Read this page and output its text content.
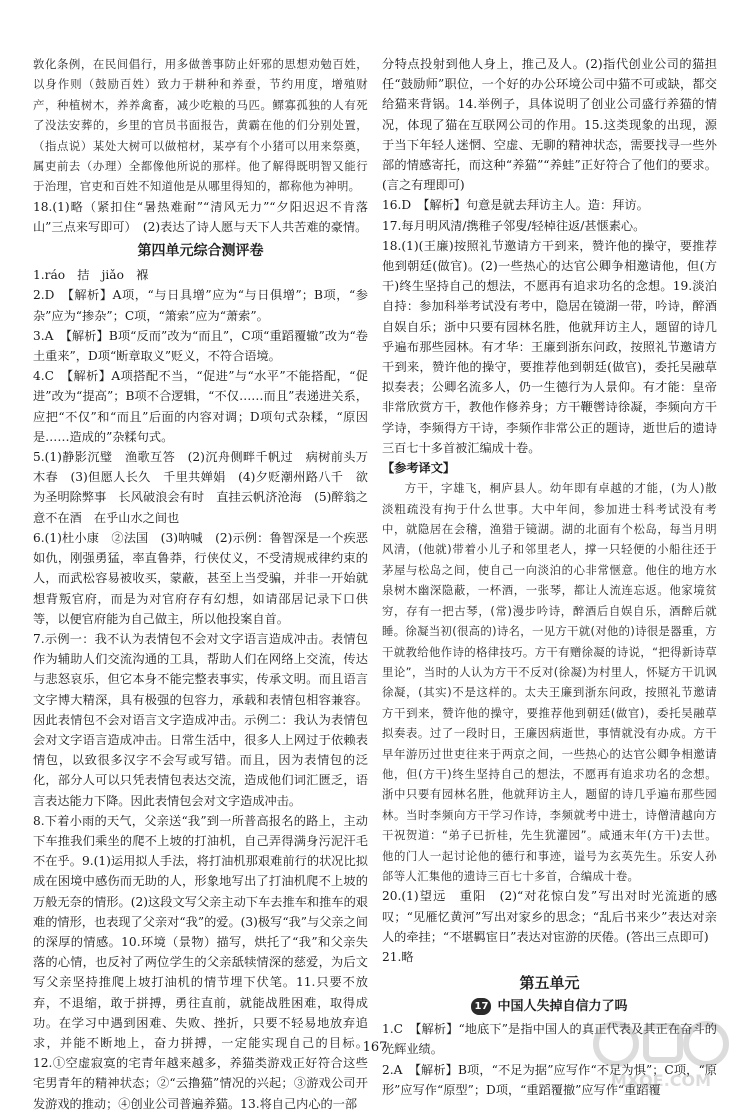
敦化条例，在民间倡行，用多做善事防止奸邪的思想劝勉百姓，以身作则（鼓励百姓）致力于耕种和养蚕，节约用度，增殖财产，种植树木，养养禽畜，减少吃粮的马匹。鳏寡孤独的人有死了没法安葬的，乡里的官员书面报告，黄霸在他的们分别处置，（指点说）某处大树可以做棺材，某亭有个小猪可以用来祭奠，属吏前去（办理）全都像他所说的那样。他了解得既明智又能行于治理，官吏和百姓不知道他是从哪里得知的，都称他为神明。

18.(1)略（紧扣住“暑热难耐”“清风无力”“夕阳迟迟不肯落山”三点来写即可）　(2)表达了诗人愿与天下人共苦难的豪情。

第四单元综合测评卷

1.ráo　拮　jiǎo　褓

2.D　【解析】A项，“与日具增”应为“与日俱增”；B项，“参杂”应为“掺杂”；C项，“箫索”应为“萧索”。

3.A　【解析】B项“反而”改为“而且”，C项“重蹈覆辙”改为“卷土重来”，D项“断章取义”贬义，不符合语境。

4.C　【解析】A项搭配不当，“促进”与“水平”不能搭配，“促进”改为“提高”；B项不合逻辑，“不仅……而且”表递进关系，应把“不仅”和“而且”后面的内容对调；D项句式杂糅，“原因是……造成的”杂糅句式。

5.(1)静影沉璧　渔歌互答　(2)沉舟侧畔千帆过　病树前头万木春　(3)但愿人长久　千里共婵娟　(4)夕贬潮州路八千　欲为圣明除弊事　长风破浪会有时　直挂云帆济沧海　(5)醉翁之意不在酒　在乎山水之间也

6.(1)杜小康　②法国　(3)呐喊　(2)示例：鲁智深是一个疾恶如仇，刚强勇猛，率直鲁莽，行侠仗义，不受清规戒律约束的人，而武松容易被收买，蒙蔽，甚至上当受骗，并非一开始就想背叛官府，而是为对官府存有幻想，如请邵居记录下口供等，以便官府能为自己做主，所以他投案自首。

7.示例一：我不认为表情包不会对文字语言造成冲击。表情包作为辅助人们交流沟通的工具，帮助人们在网络上交流，传达与悲怒哀乐，但它本身不能完整表事实，传承文明。而且语言文字博大精深，具有极强的包容力，承载和表情包相容兼容。因此表情包不会对语言文字造成冲击。示例二：我认为表情包会对文字语言造成冲击。日常生活中，很多人上网过于依赖表情包，以致很多汉字不会写或写错。而且，因为表情包的泛化，部分人可以只凭表情包表达交流，造成他们词汇匮乏，语言表达能力下降。因此表情包会对文字造成冲击。

8.下着小雨的天气，父亲送“我”到一所普高报名的路上，主动下车推我们乘坐的爬不上坡的打油机，自己弄得满身污泥汗毛不在乎。9.(1)运用拟人手法，将打油机那艰难前行的状况比拟成在困境中感伤而无助的人，形象地写出了打油机爬不上坡的万般无奈的情形。(2)这段文写父亲主动下车去推车和推车的艰难的情形，也表现了父亲对“我”的爱。(3)极写“我”与父亲之间的深厚的情感。10.环境（景物）描写，烘托了“我”和父亲失落的心情，也反衬了两位学生的父亲舐犊情深的慈爱，为后文写父亲坚持推爬上坡打油机的情节埋下伏笔。11.只要不放弃，不退缩，敢于拼搏，勇往直前，就能战胜困难，取得成功。在学习中遇到困难、失败、挫折，只要不轻易地放弃追求，并能不断地上，奋力拼搏，一定能实现自己的目标。12.①空虚寂寞的宅青年越来越多，养猫类游戏正好符合这些宅男青年的精神状态；②“云撸猫”情况的兴起；③游戏公司开发游戏的推动；④创业公司普遍养猫。13.将自己内心的一部

分特点投射到他人身上，推己及人。(2)指代创业公司的猫担任“鼓励师”职位，一个好的办公环境公司中猫不可或缺，都交给猫来背锅。14.举例子，具体说明了创业公司盛行养猫的情况，体现了猫在互联网公司的作用。15.这类现象的出现，源于当下年轻人迷惘、空虚、无聊的精神状态，需要找寻一些外部的情感寄托，而这种“养猫”“养蛙”正好符合了他们的要求。(言之有理即可)

16.D　【解析】句意是就去拜访主人。造：拜访。

17.每月明风清/携稚子邻叟/轻棹往返/甚惬素心。

18.(1)(王廉)按照礼节邀请方干到来，赞许他的操守，要推荐他到朝廷(做官)。(2)一些热心的达官公卿争相邀请他，但(方干)终生坚持自己的想法，不愿再有追求功名的念想。19.淡泊自持：参加科举考试没有考中，隐居在镜湖一带，吟诗，醉酒自娱自乐；浙中只要有园林名胜，他就拜访主人，题留的诗几乎遍布那些园林。有才华：王廉到浙东问政，按照礼节邀请方干到来，赞许他的操守，要推荐他到朝廷(做官)，委托吴融草拟奏表；公卿名流多人，仍一生德行为人景仰。有才能：皇帝非常欣赏方干，教他作修养身；方干鞭辔诗徐凝，李频向方干学诗，李频得方干诗，李频作非常公正的题诗，逝世后的遗诗三百七十多首被汇编成十卷。

【参考译文】

方干，字雄飞，桐庐县人。幼年即有卓越的才能，(为人)散淡粗疏没有拘于什么世事。大中年间，参加进士科考试没有考中，就隐居在会稽，渔猎于镜湖。湖的北面有个松岛，每当月明风清，(他就)带着小儿子和邻里老人，撑一只轻便的小船往还于茅屋与松岛之间，使自己一向淡泊的心非常惬意。他住的地方水泉树木幽深隐蔽，一杯酒，一张琴，都让人流连忘返。他家境贫穷，存有一把古琴，(常)漫步吟诗，醉酒后自娱自乐，酒醉后就睡。徐凝当初(很高的)诗名，一见方干就(对他的)诗很是器重，方干就教给他作诗的格律技巧。方干有赠徐凝的诗说，“把得新诗草里论”，当时的人认为方干不反对(徐凝)为村里人，怀疑方干讥讽徐凝，(其实)不是这样的。太夫王廉到浙东问政，按照礼节邀请方干到来，赞许他的操守，要推荐他到朝廷(做官)，委托吴融草拟奏表。过了一段时日，王廉因病逝世，事情就没有办成。方干早年游历过世吏往来于两京之间，一些热心的达官公卿争相邀请他，但(方干)终生坚持自己的想法，不愿再有追求功名的念想。浙中只要有园林名胜，他就拜访主人，题留的诗几乎遍布那些园林。当时李频向方干学习作诗，李频就考中进士，诗僧清越向方干祝贺道：“弟子已折桂，先生犹灌园”。咸通末年(方干)去世。他的门人一起讨论他的德行和事迹，谥号为玄英先生。乐安人孙郃等人汇集他的遗诗三百七十多首，合编成十卷。

20.(1)望远　重阳　(2)“对花惊白发”写出对时光流逝的感叹；“见雁忆黄河”写出对家乡的思念；“乱后书来少”表达对亲人的牵挂；“不堪羁宦日”表达对宦游的厌倦。(答出三点即可)

21.略

第五单元
17 中国人失掉自信力了吗

1.C　【解析】“地底下”是指中国人的真正代表及其正在奋斗的光辉业绩。

2.A　【解析】B项，“不足为据”应写作“不足为惧”；C项，“原形”应写作“原型”；D项，“重蹈覆撤”应写作“重蹈覆

167
MXQE.COM
